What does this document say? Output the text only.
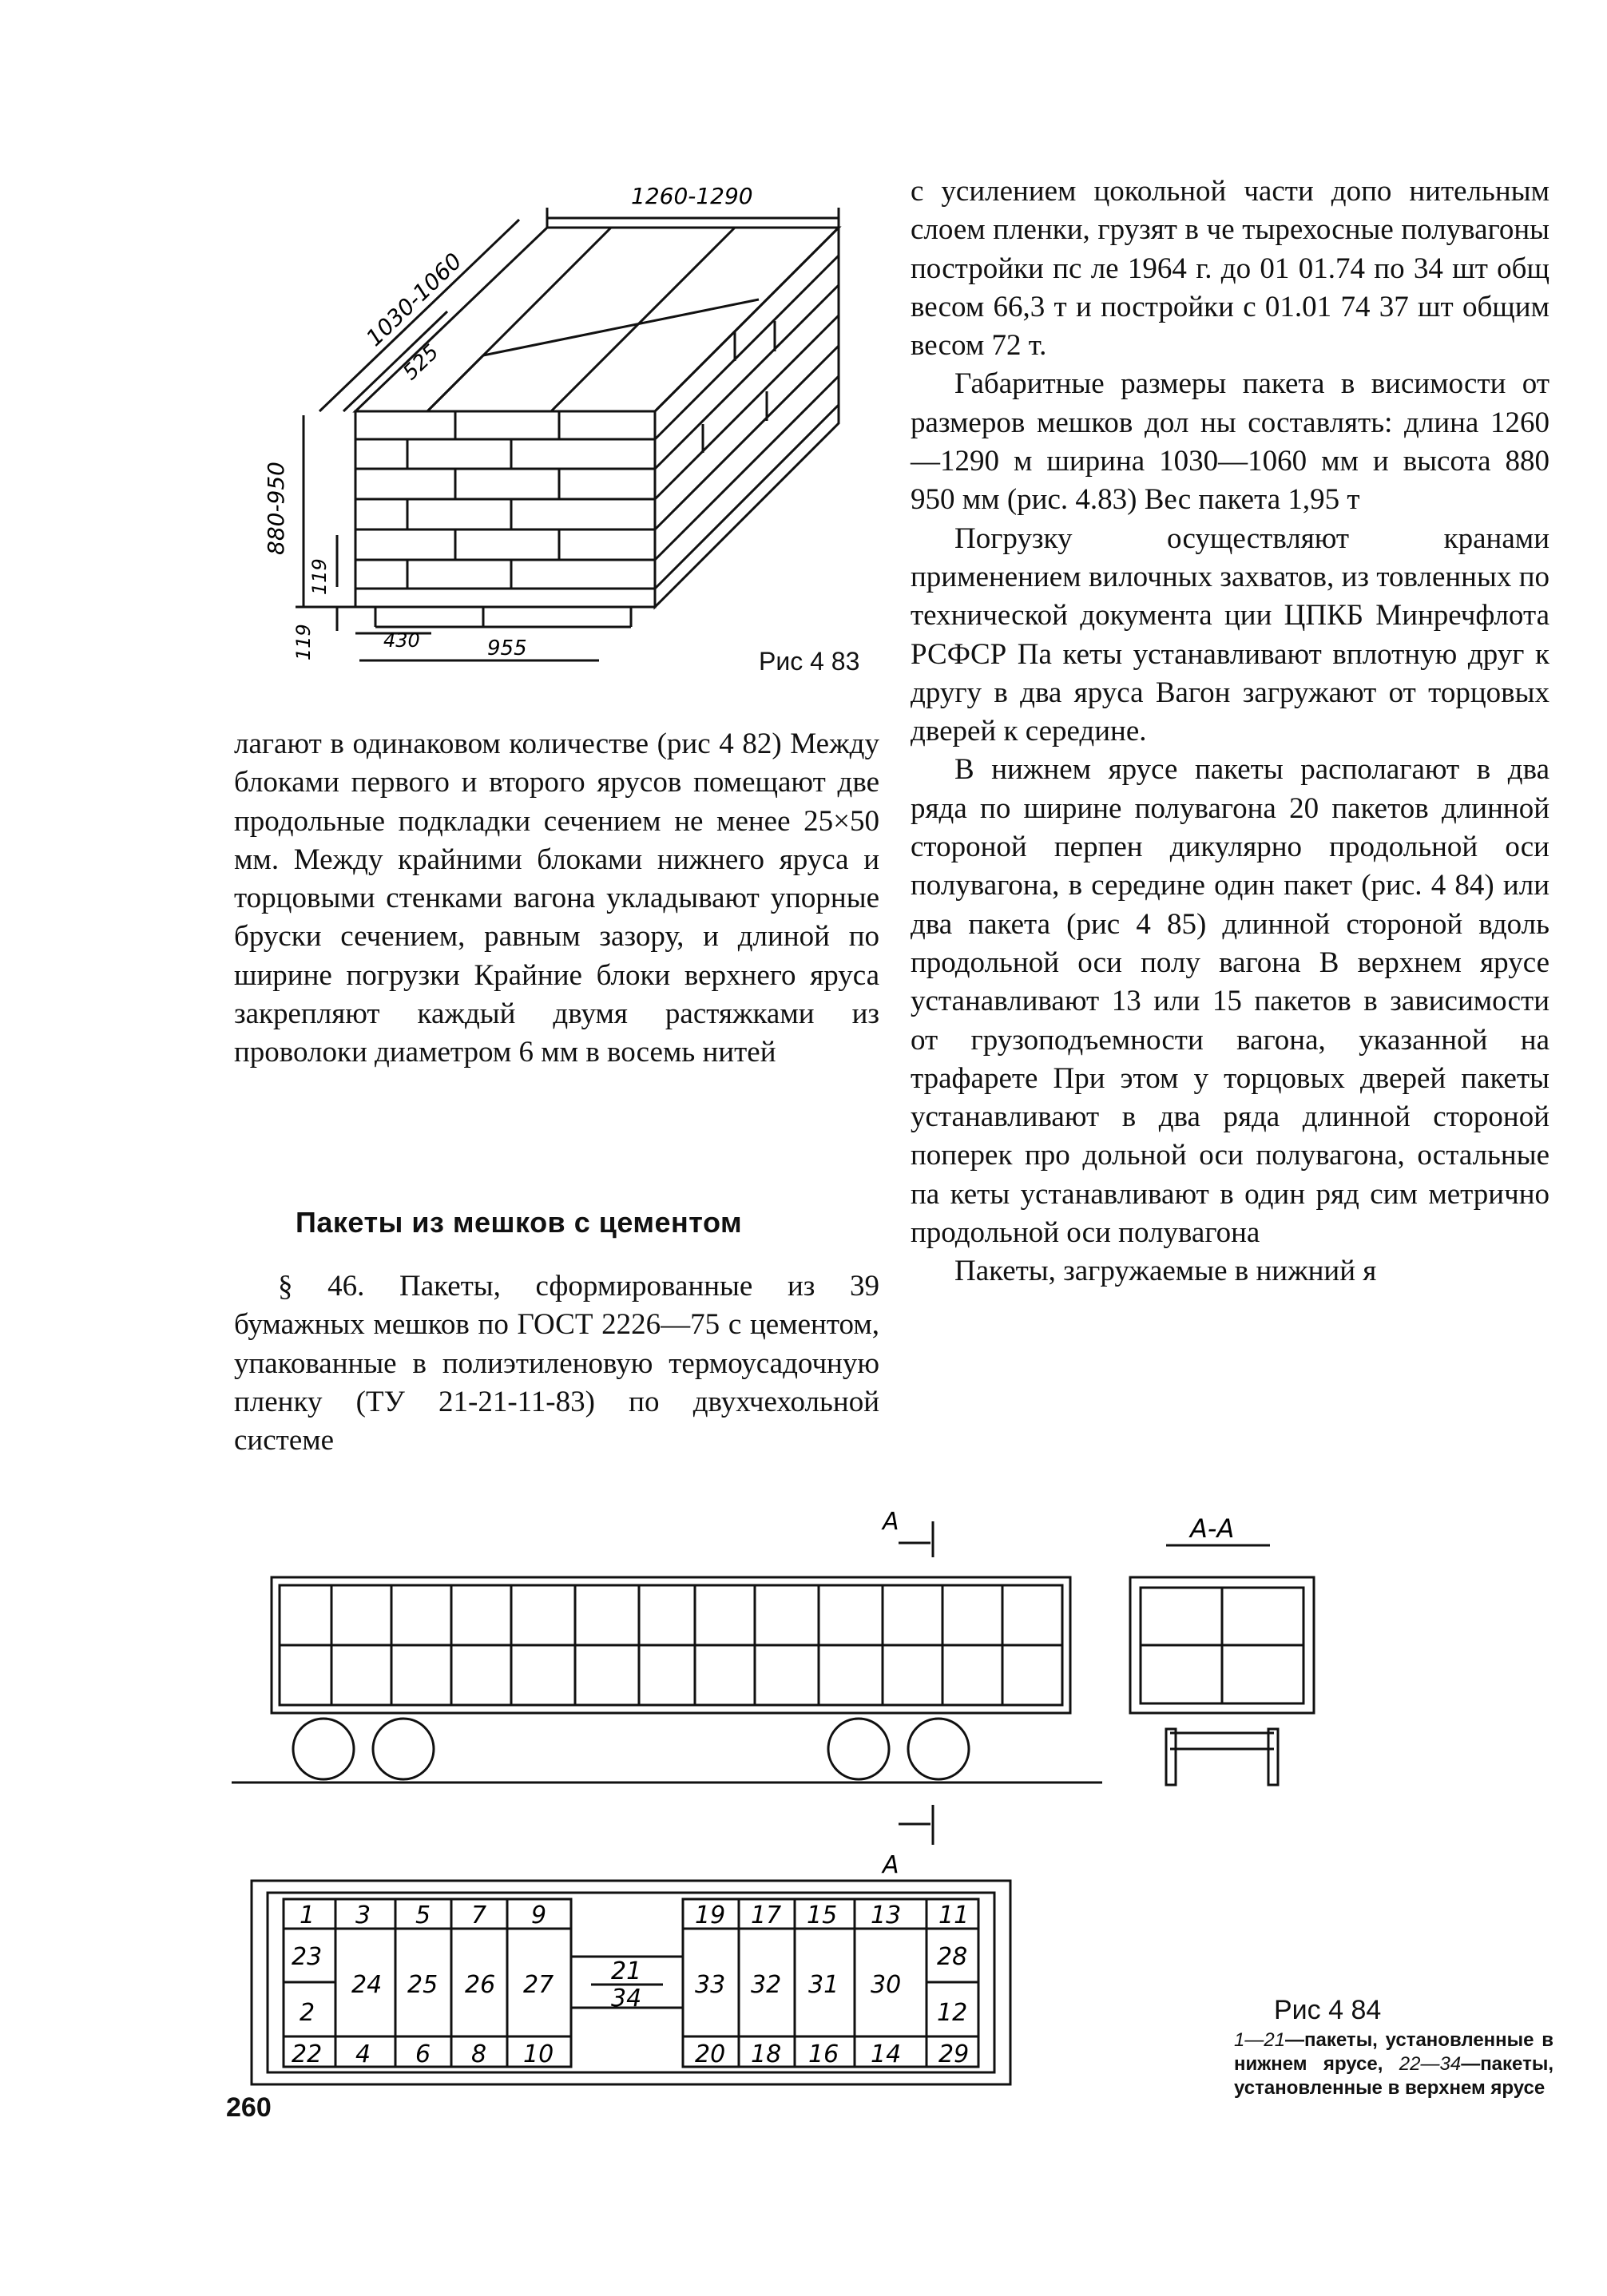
1260-1290
1030-1060
525
880-950
119
119	430	955	Рис 4 83

с усилением цокольной части допо нительным слоем пленки, грузят в че тырехосные полувагоны постройки пс ле 1964 г. до 01 01.74 по 34 шт общ весом 66,3 т и постройки с 01.01 74 37 шт общим весом 72 т.

Габаритные размеры пакета в висимости от размеров мешков дол ны составлять: длина 1260—1290 м ширина 1030—1060 мм и высота 880 950 мм (рис. 4.83) Вес пакета 1,95 т

Погрузку осуществляют кранами применением вилочных захватов, из товленных по технической документа ции ЦПКБ Минречфлота РСФСР Па кеты устанавливают вплотную друг к другу в два яруса Вагон загружают от торцовых дверей к середине.

В нижнем ярусе пакеты располагают в два ряда по ширине полувагона 20 пакетов длинной стороной перпен дикулярно продольной оси полувагона, в середине один пакет (рис. 4 84) или два пакета (рис 4 85) длинной стороной вдоль продольной оси полу вагона В верхнем ярусе устанавливают 13 или 15 пакетов в зависимости от грузоподъемности вагона, указанной на трафарете При этом у торцовых дверей пакеты устанавливают в два ряда длинной стороной поперек про дольной оси полувагона, остальные па кеты устанавливают в один ряд сим метрично продольной оси полувагона

Пакеты, загружаемые в нижний я

лагают в одинаковом количестве (рис 4 82) Между блоками первого и второго ярусов помещают две продольные подкладки сечением не менее 25×50 мм. Между крайними блоками нижнего яруса и торцовыми стенками вагона укладывают упорные бруски сечением, равным зазору, и длиной по ширине погрузки Крайние блоки верхнего яруса закрепляют каждый двумя растяжками из проволоки диаметром 6 мм в восемь нитей

Пакеты из мешков с цементом

§ 46. Пакеты, сформированные из 39 бумажных мешков по ГОСТ 2226—75 с цементом, упакованные в полиэтиленовую термоусадочную пленку (ТУ 21-21-11-83) по двухчехольной системе

А
А
А-А
1 3 5 7 9	19 17 15 13 11
23
2
24 25 26 27	33 32 31 30
28
12
21
34
22 4 6 8 10	20 18 16 14 29
Рис 4 84
1—21—пакеты, установленные в нижнем ярусе, 22—34—пакеты, установленные в верхнем ярусе
260
